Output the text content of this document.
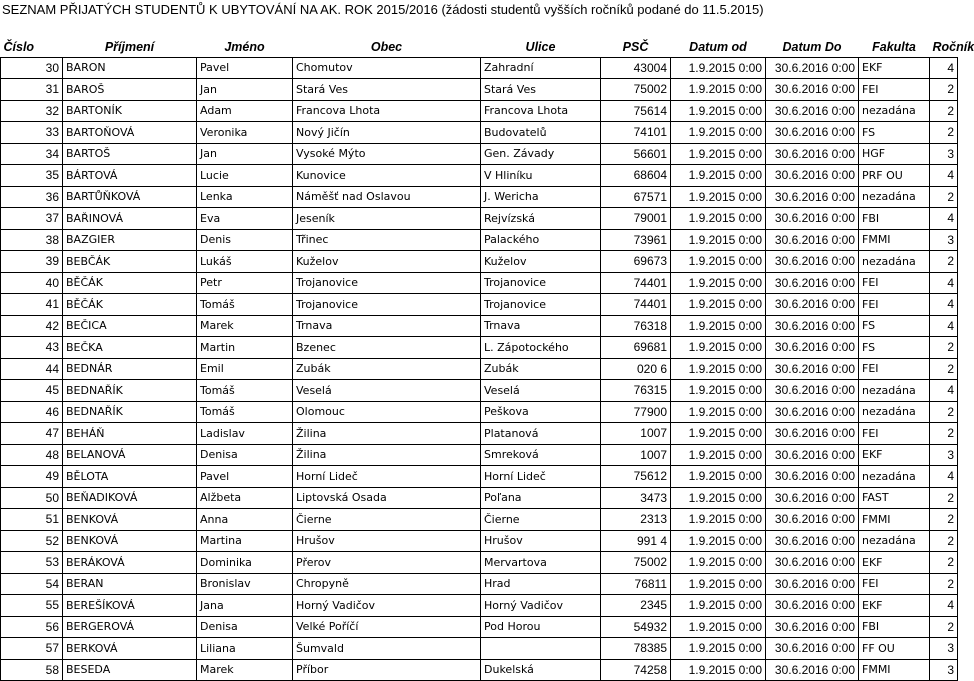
SEZNAM PŘIJATÝCH STUDENTŮ K UBYTOVÁNÍ NA AK. ROK 2015/2016 (žádosti studentů vyšších ročníků podané do 11.5.2015)
Číslo	Příjmení	Jméno	Obec	Ulice	PSČ	Datum od	Datum Do	Fakulta	Ročník
30	BARON	Pavel	Chomutov	Zahradní	43004	1.9.2015 0:00	30.6.2016 0:00	EKF	4
31	BAROŠ	Jan	Stará Ves	Stará Ves	75002	1.9.2015 0:00	30.6.2016 0:00	FEI	2
32	BARTONÍK	Adam	Francova Lhota	Francova Lhota	75614	1.9.2015 0:00	30.6.2016 0:00	nezadána	2
33	BARTOŇOVÁ	Veronika	Nový Jičín	Budovatelů	74101	1.9.2015 0:00	30.6.2016 0:00	FS	2
34	BARTOŠ	Jan	Vysoké Mýto	Gen. Závady	56601	1.9.2015 0:00	30.6.2016 0:00	HGF	3
35	BÁRTOVÁ	Lucie	Kunovice	V Hliníku	68604	1.9.2015 0:00	30.6.2016 0:00	PRF OU	4
36	BARTŮŇKOVÁ	Lenka	Náměšť nad Oslavou	J. Wericha	67571	1.9.2015 0:00	30.6.2016 0:00	nezadána	2
37	BAŘINOVÁ	Eva	Jeseník	Rejvízská	79001	1.9.2015 0:00	30.6.2016 0:00	FBI	4
38	BAZGIER	Denis	Třinec	Palackého	73961	1.9.2015 0:00	30.6.2016 0:00	FMMI	3
39	BEBČÁK	Lukáš	Kuželov	Kuželov	69673	1.9.2015 0:00	30.6.2016 0:00	nezadána	2
40	BĚČÁK	Petr	Trojanovice	Trojanovice	74401	1.9.2015 0:00	30.6.2016 0:00	FEI	4
41	BĚČÁK	Tomáš	Trojanovice	Trojanovice	74401	1.9.2015 0:00	30.6.2016 0:00	FEI	4
42	BEČICA	Marek	Trnava	Trnava	76318	1.9.2015 0:00	30.6.2016 0:00	FS	4
43	BEČKA	Martin	Bzenec	L. Zápotockého	69681	1.9.2015 0:00	30.6.2016 0:00	FS	2
44	BEDNÁR	Emil	Zubák	Zubák	020 6	1.9.2015 0:00	30.6.2016 0:00	FEI	2
45	BEDNAŘÍK	Tomáš	Veselá	Veselá	76315	1.9.2015 0:00	30.6.2016 0:00	nezadána	4
46	BEDNAŘÍK	Tomáš	Olomouc	Peškova	77900	1.9.2015 0:00	30.6.2016 0:00	nezadána	2
47	BEHÁŇ	Ladislav	Žilina	Platanová	1007	1.9.2015 0:00	30.6.2016 0:00	FEI	2
48	BELANOVÁ	Denisa	Žilina	Smreková	1007	1.9.2015 0:00	30.6.2016 0:00	EKF	3
49	BĚLOTA	Pavel	Horní Lideč	Horní Lideč	75612	1.9.2015 0:00	30.6.2016 0:00	nezadána	4
50	BEŇADIKOVÁ	Alžbeta	Liptovská Osada	Poľana	3473	1.9.2015 0:00	30.6.2016 0:00	FAST	2
51	BENKOVÁ	Anna	Čierne	Čierne	2313	1.9.2015 0:00	30.6.2016 0:00	FMMI	2
52	BENKOVÁ	Martina	Hrušov	Hrušov	991 4	1.9.2015 0:00	30.6.2016 0:00	nezadána	2
53	BERÁKOVÁ	Dominika	Přerov	Mervartova	75002	1.9.2015 0:00	30.6.2016 0:00	EKF	2
54	BERAN	Bronislav	Chropyně	Hrad	76811	1.9.2015 0:00	30.6.2016 0:00	FEI	2
55	BEREŠÍKOVÁ	Jana	Horný Vadičov	Horný Vadičov	2345	1.9.2015 0:00	30.6.2016 0:00	EKF	4
56	BERGEROVÁ	Denisa	Velké Poříčí	Pod Horou	54932	1.9.2015 0:00	30.6.2016 0:00	FBI	2
57	BERKOVÁ	Liliana	Šumvald		78385	1.9.2015 0:00	30.6.2016 0:00	FF OU	3
58	BESEDA	Marek	Příbor	Dukelská	74258	1.9.2015 0:00	30.6.2016 0:00	FMMI	3
